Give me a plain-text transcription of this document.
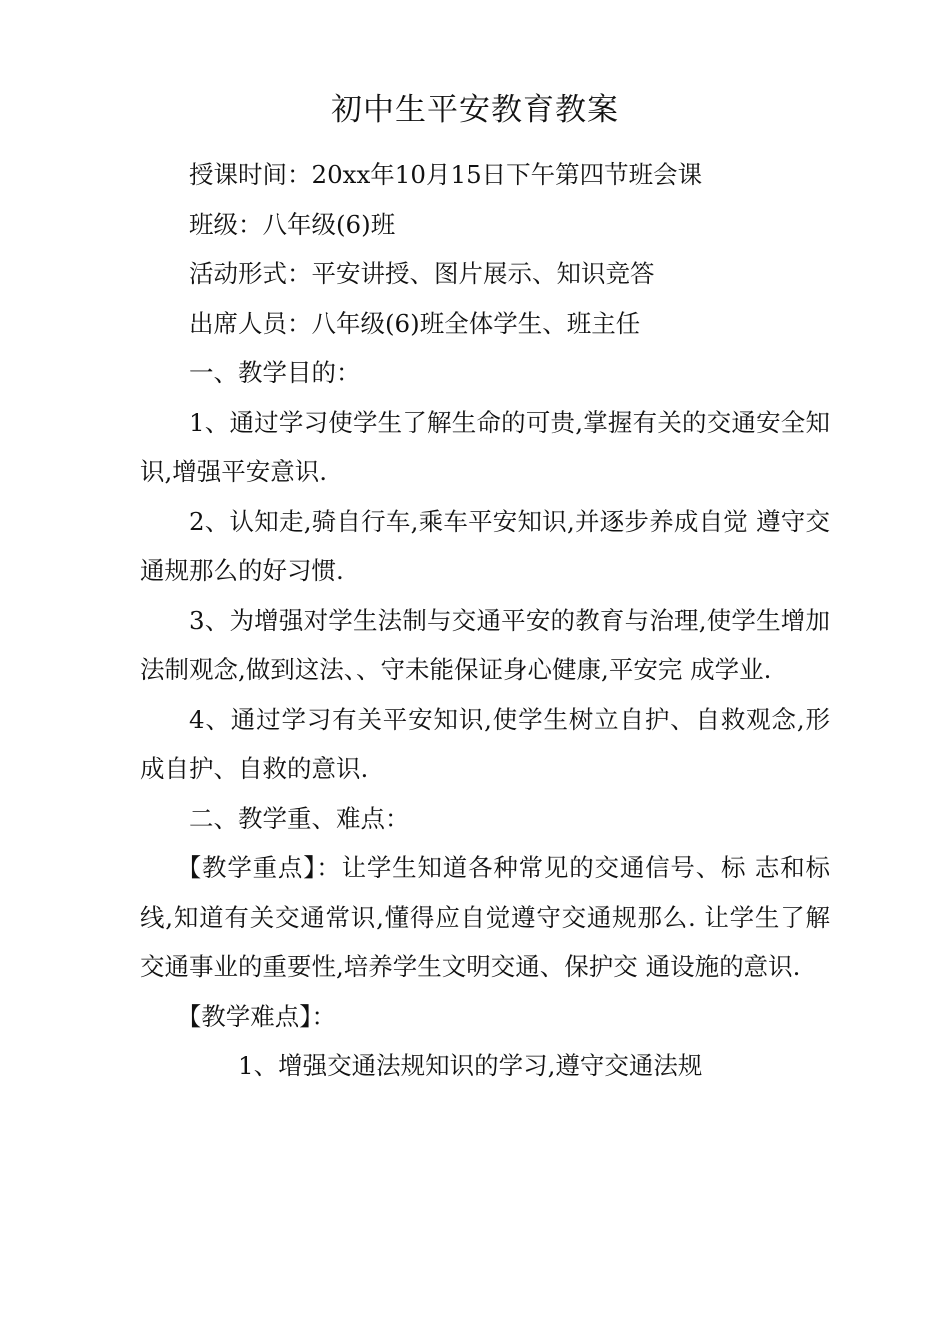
初中生平安教育教案

授课时间：20xx年10月15日下午第四节班会课

班级：八年级(6)班

活动形式：平安讲授、图片展示、知识竞答

出席人员：八年级(6)班全体学生、班主任

一、教学目的：

1、通过学习使学生了解生命的可贵,掌握有关的交通安全知识,增强平安意识.

2、认知走,骑自行车,乘车平安知识,并逐步养成自觉 遵守交通规那么的好习惯.

3、为增强对学生法制与交通平安的教育与治理,使学生增加法制观念,做到这法、、守未能保证身心健康,平安完 成学业.

4、通过学习有关平安知识,使学生树立自护、自救观念,形成自护、自救的意识.

二、教学重、难点：

【教学重点】：让学生知道各种常见的交通信号、标 志和标线,知道有关交通常识,懂得应自觉遵守交通规那么. 让学生了解交通事业的重要性,培养学生文明交通、保护交 通设施的意识.

【教学难点】：

1、增强交通法规知识的学习,遵守交通法规
